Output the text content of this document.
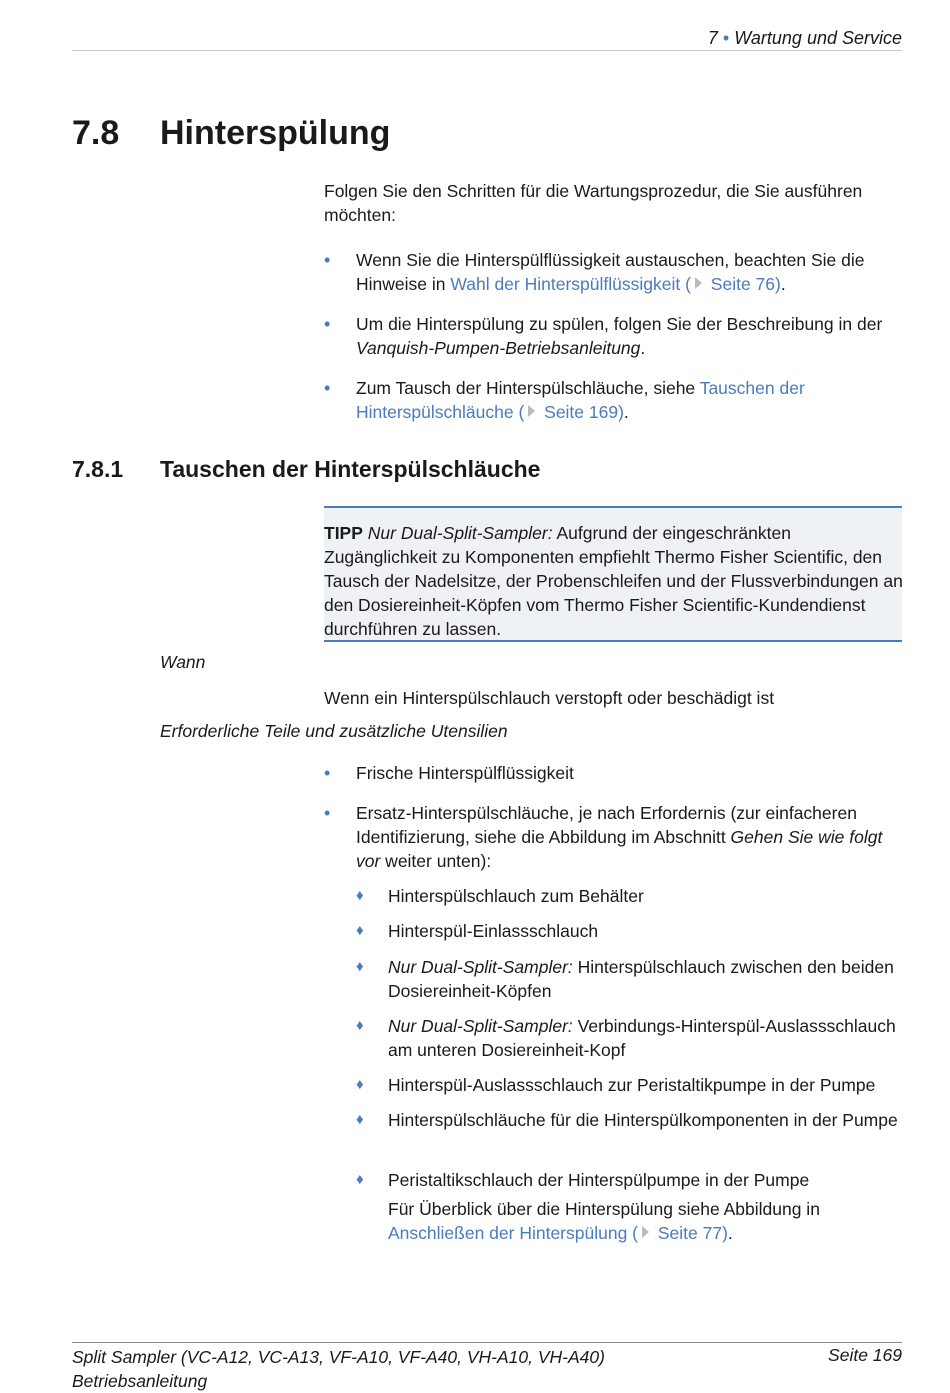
7 • Wartung und Service
7.8 Hinterspülung
Folgen Sie den Schritten für die Wartungsprozedur, die Sie ausführen möchten:
• Wenn Sie die Hinterspülflüssigkeit austauschen, beachten Sie die Hinweise in Wahl der Hinterspülflüssigkeit ( Seite 76).
• Um die Hinterspülung zu spülen, folgen Sie der Beschreibung in der Vanquish-Pumpen-Betriebsanleitung.
• Zum Tausch der Hinterspülschläuche, siehe Tauschen der Hinterspülschläuche ( Seite 169).
7.8.1 Tauschen der Hinterspülschläuche
TIPP Nur Dual-Split-Sampler: Aufgrund der eingeschränkten Zugänglichkeit zu Komponenten empfiehlt Thermo Fisher Scientific, den Tausch der Nadelsitze, der Probenschleifen und der Flussverbindungen an den Dosiereinheit-Köpfen vom Thermo Fisher Scientific-Kundendienst durchführen zu lassen.
Wann
Wenn ein Hinterspülschlauch verstopft oder beschädigt ist
Erforderliche Teile und zusätzliche Utensilien
• Frische Hinterspülflüssigkeit
• Ersatz-Hinterspülschläuche, je nach Erfordernis (zur einfacheren Identifizierung, siehe die Abbildung im Abschnitt Gehen Sie wie folgt vor weiter unten):
♦ Hinterspülschlauch zum Behälter
♦ Hinterspül-Einlassschlauch
♦ Nur Dual-Split-Sampler: Hinterspülschlauch zwischen den beiden Dosiereinheit-Köpfen
♦ Nur Dual-Split-Sampler: Verbindungs-Hinterspül-Auslassschlauch am unteren Dosiereinheit-Kopf
♦ Hinterspül-Auslassschlauch zur Peristaltikpumpe in der Pumpe
♦ Hinterspülschläuche für die Hinterspülkomponenten in der Pumpe
♦ Peristaltikschlauch der Hinterspülpumpe in der Pumpe
Für Überblick über die Hinterspülung siehe Abbildung in Anschließen der Hinterspülung ( Seite 77).
Split Sampler (VC-A12, VC-A13, VF-A10, VF-A40, VH-A10, VH-A40)
Betriebsanleitung
Seite 169
